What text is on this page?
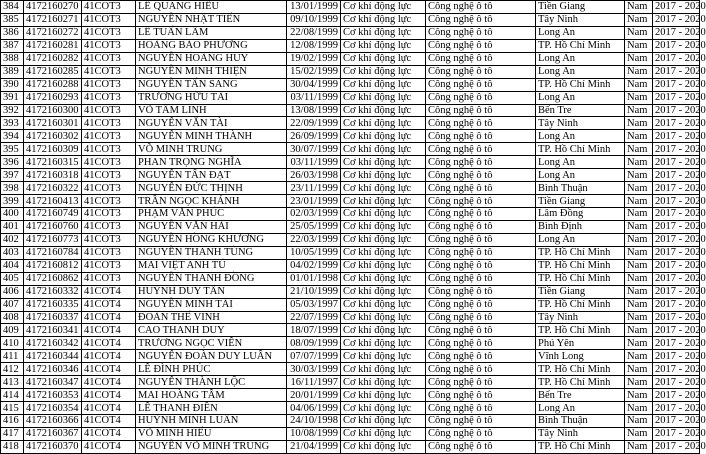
384	4172160270	41COT3	LÊ QUANG HIẾU	13/01/1999	Cơ khí động lực	Công nghệ ô tô	Tiền Giang	Nam	2017 - 2020
385	4172160271	41COT3	NGUYỄN NHẬT TIẾN	09/10/1999	Cơ khí động lực	Công nghệ ô tô	Tây Ninh	Nam	2017 - 2020
386	4172160272	41COT3	LÊ TUẤN LÂM	22/08/1999	Cơ khí động lực	Công nghệ ô tô	Long An	Nam	2017 - 2020
387	4172160281	41COT3	HOÀNG BẢO PHƯƠNG	12/08/1999	Cơ khí động lực	Công nghệ ô tô	TP. Hồ Chí Minh	Nam	2017 - 2020
388	4172160282	41COT3	NGUYỄN HOÀNG HUY	19/02/1999	Cơ khí động lực	Công nghệ ô tô	Long An	Nam	2017 - 2020
389	4172160285	41COT3	NGUYỄN MINH THIỆN	15/02/1999	Cơ khí động lực	Công nghệ ô tô	Long An	Nam	2017 - 2020
390	4172160288	41COT3	NGUYỄN TẤN SANG	30/04/1999	Cơ khí động lực	Công nghệ ô tô	TP. Hồ Chí Minh	Nam	2017 - 2020
391	4172160293	41COT3	TRƯƠNG HỮU TÀI	03/11/1999	Cơ khí động lực	Công nghệ ô tô	Long An	Nam	2017 - 2020
392	4172160300	41COT3	VÕ TÂM LINH	13/08/1999	Cơ khí động lực	Công nghệ ô tô	Bến Tre	Nam	2017 - 2020
393	4172160301	41COT3	NGUYỄN VĂN TÀI	22/09/1999	Cơ khí động lực	Công nghệ ô tô	Tây Ninh	Nam	2017 - 2020
394	4172160302	41COT3	NGUYỄN MINH THÀNH	26/09/1999	Cơ khí động lực	Công nghệ ô tô	Long An	Nam	2017 - 2020
395	4172160309	41COT3	VÕ MINH TRUNG	30/07/1999	Cơ khí động lực	Công nghệ ô tô	TP. Hồ Chí Minh	Nam	2017 - 2020
396	4172160315	41COT3	PHAN TRỌNG NGHĨA	03/11/1999	Cơ khí động lực	Công nghệ ô tô	Long An	Nam	2017 - 2020
397	4172160318	41COT3	NGUYỄN TẤN ĐẠT	26/03/1998	Cơ khí động lực	Công nghệ ô tô	Long An	Nam	2017 - 2020
398	4172160322	41COT3	NGUYỄN ĐỨC THỊNH	23/11/1999	Cơ khí động lực	Công nghệ ô tô	Bình Thuận	Nam	2017 - 2020
399	4172160413	41COT3	TRẦN NGỌC KHÁNH	23/01/1999	Cơ khí động lực	Công nghệ ô tô	Tiền Giang	Nam	2017 - 2020
400	4172160749	41COT3	PHẠM VĂN PHÚC	02/03/1999	Cơ khí động lực	Công nghệ ô tô	Lâm Đồng	Nam	2017 - 2020
401	4172160760	41COT3	NGUYỄN VĂN HẢI	25/05/1999	Cơ khí động lực	Công nghệ ô tô	Bình Định	Nam	2017 - 2020
402	4172160773	41COT3	NGUYỄN HỒNG KHƯƠNG	22/03/1999	Cơ khí động lực	Công nghệ ô tô	Long An	Nam	2017 - 2020
403	4172160784	41COT3	NGUYỄN THANH TÙNG	10/05/1999	Cơ khí động lực	Công nghệ ô tô	TP. Hồ Chí Minh	Nam	2017 - 2020
404	4172160812	41COT3	MAI VIỆT ANH TÚ	04/02/1999	Cơ khí động lực	Công nghệ ô tô	TP. Hồ Chí Minh	Nam	2017 - 2020
405	4172160862	41COT3	NGUYỄN THANH ĐỒNG	01/01/1998	Cơ khí động lực	Công nghệ ô tô	TP. Hồ Chí Minh	Nam	2017 - 2020
406	4172160332	41COT4	HUỲNH DUY TÂN	21/10/1999	Cơ khí động lực	Công nghệ ô tô	Tiền Giang	Nam	2017 - 2020
407	4172160335	41COT4	NGUYỄN MINH TÀI	05/03/1997	Cơ khí động lực	Công nghệ ô tô	TP. Hồ Chí Minh	Nam	2017 - 2020
408	4172160337	41COT4	ĐOÀN THẾ VINH	22/07/1999	Cơ khí động lực	Công nghệ ô tô	Tây Ninh	Nam	2017 - 2020
409	4172160341	41COT4	CAO THANH DUY	18/07/1999	Cơ khí động lực	Công nghệ ô tô	TP. Hồ Chí Minh	Nam	2017 - 2020
410	4172160342	41COT4	TRƯƠNG NGỌC VIÊN	08/09/1999	Cơ khí động lực	Công nghệ ô tô	Phú Yên	Nam	2017 - 2020
411	4172160344	41COT4	NGUYỄN ĐOÀN DUY LUÂN	07/07/1999	Cơ khí động lực	Công nghệ ô tô	Vĩnh Long	Nam	2017 - 2020
412	4172160346	41COT4	LÊ ĐÌNH PHÚC	30/03/1999	Cơ khí động lực	Công nghệ ô tô	TP. Hồ Chí Minh	Nam	2017 - 2020
413	4172160347	41COT4	NGUYỄN THÀNH LỘC	16/11/1997	Cơ khí động lực	Công nghệ ô tô	TP. Hồ Chí Minh	Nam	2017 - 2020
414	4172160353	41COT4	MAI HOÀNG TÂM	20/01/1999	Cơ khí động lực	Công nghệ ô tô	Bến Tre	Nam	2017 - 2020
415	4172160354	41COT4	LÊ THANH ĐIỀN	04/06/1999	Cơ khí động lực	Công nghệ ô tô	Long An	Nam	2017 - 2020
416	4172160366	41COT4	HUỲNH MINH LUÂN	24/10/1998	Cơ khí động lực	Công nghệ ô tô	Bình Thuận	Nam	2017 - 2020
417	4172160367	41COT4	VÕ MINH HIẾU	10/08/1999	Cơ khí động lực	Công nghệ ô tô	Tây Ninh	Nam	2017 - 2020
418	4172160370	41COT4	NGUYỄN VÕ MINH TRUNG	21/04/1999	Cơ khí động lực	Công nghệ ô tô	TP. Hồ Chí Minh	Nam	2017 - 2020
